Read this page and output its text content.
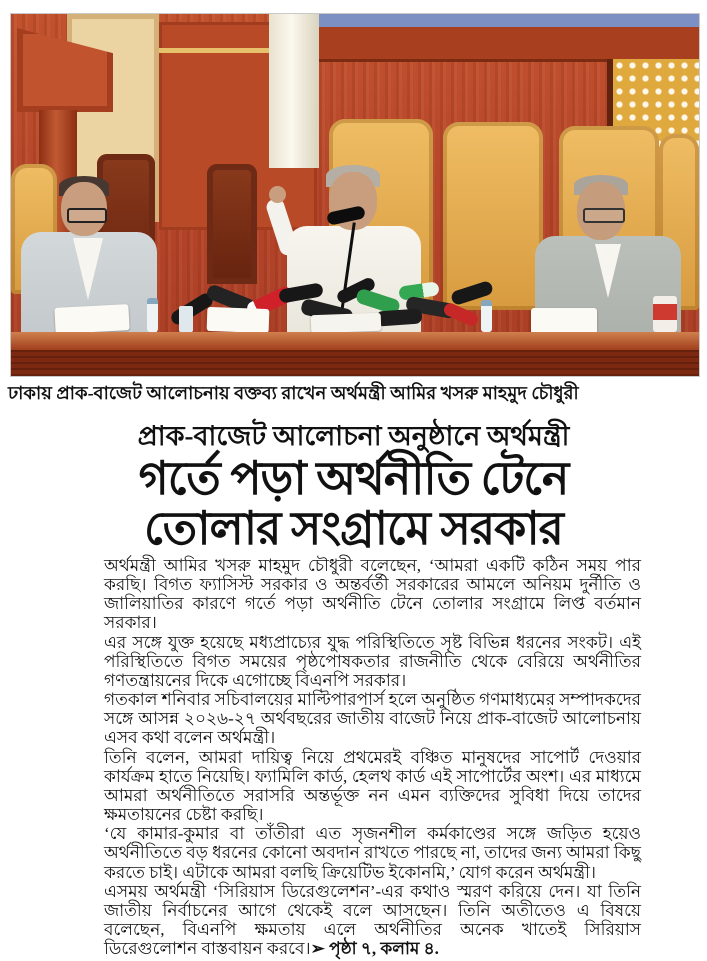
ঢাকায় প্রাক-বাজেট আলোচনায় বক্তব্য রাখেন অর্থমন্ত্রী আমির খসরু মাহমুদ চৌধুরী
প্রাক-বাজেট আলোচনা অনুষ্ঠানে অর্থমন্ত্রী
গর্তে পড়া অর্থনীতি টেনে
তোলার সংগ্রামে সরকার

অর্থমন্ত্রী আমির খসরু মাহমুদ চৌধুরী বলেছেন, ‘আমরা একটি কঠিন সময় পার করছি। বিগত ফ্যাসিস্ট সরকার ও অন্তর্বর্তী সরকারের আমলে অনিয়ম দুর্নীতি ও জালিয়াতির কারণে গর্তে পড়া অর্থনীতি টেনে তোলার সংগ্রামে লিপ্ত বর্তমান সরকার।

এর সঙ্গে যুক্ত হয়েছে মধ্যপ্রাচ্যের যুদ্ধ পরিস্থিতিতে সৃষ্ট বিভিন্ন ধরনের সংকট। এই পরিস্থিতিতে বিগত সময়ের পৃষ্ঠপোষকতার রাজনীতি থেকে বেরিয়ে অর্থনীতির গণতন্ত্রায়নের দিকে এগোচ্ছে বিএনপি সরকার।

গতকাল শনিবার সচিবালয়ের মাল্টিপারপার্স হলে অনুষ্ঠিত গণমাধ্যমের সম্পাদকদের সঙ্গে আসন্ন ২০২৬-২৭ অর্থবছরের জাতীয় বাজেট নিয়ে প্রাক-বাজেট আলোচনায় এসব কথা বলেন অর্থমন্ত্রী।

তিনি বলেন, আমরা দায়িত্ব নিয়ে প্রথমেরই বঞ্চিত মানুষদের সাপোর্ট দেওয়ার কার্যক্রম হাতে নিয়েছি। ফ্যামিলি কার্ড, হেলথ কার্ড এই সাপোর্টের অংশ। এর মাধ্যমে আমরা অর্থনীতিতে সরাসরি অন্তর্ভূক্ত নন এমন ব্যক্তিদের সুবিধা দিয়ে তাদের ক্ষমতায়নের চেষ্টা করছি।

‘যে কামার-কুমার বা তাঁতীরা এত সৃজনশীল কর্মকাণ্ডের সঙ্গে জড়িত হয়েও অর্থনীতিতে বড় ধরনের কোনো অবদান রাখতে পারছে না, তাদের জন্য আমরা কিছু করতে চাই। এটাকে আমরা বলছি ক্রিয়েটিভ ইকোনমি,’ যোগ করেন অর্থমন্ত্রী।

এসময় অর্থমন্ত্রী ‘সিরিয়াস ডিরেগুলেশন’-এর কথাও স্মরণ করিয়ে দেন। যা তিনি জাতীয় নির্বাচনের আগে থেকেই বলে আসছেন। তিনি অতীতেও এ বিষয়ে বলেছেন, বিএনপি ক্ষমতায় এলে অর্থনীতির অনেক খাতেই সিরিয়াস ডিরেগুলোশন বাস্তবায়ন করবে।➢ পৃষ্ঠা ৭, কলাম ৪.
